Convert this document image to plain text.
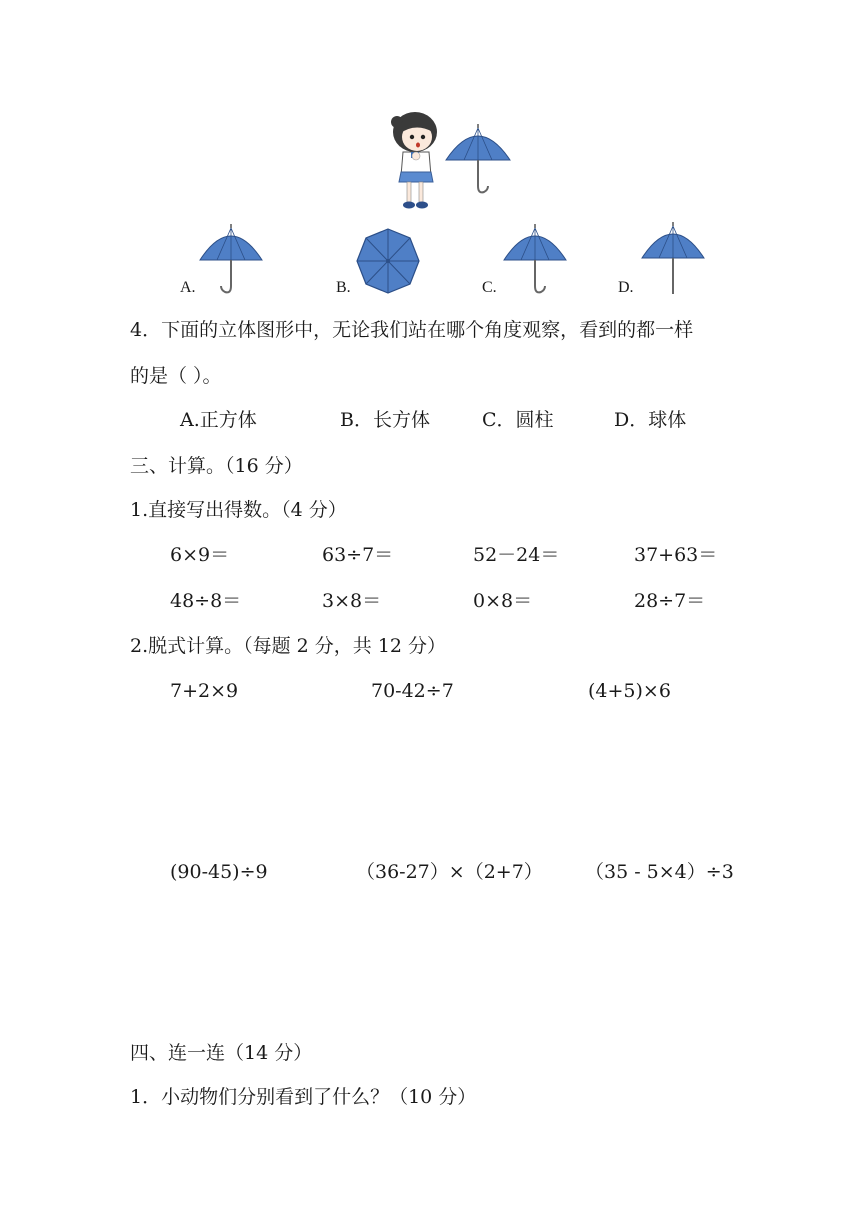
A.	B.	C.	D.
4．下面的立体图形中，无论我们站在哪个角度观察，看到的都一样
的是（ ）。
A.正方体	B．长方体	C．圆柱	D．球体
三、计算。（16 分）
1.直接写出得数。（4 分）
6×9＝	63÷7＝	52－24＝	37+63＝
48÷8＝	3×8＝	0×8＝	28÷7＝
2.脱式计算。（每题 2 分，共 12 分）
7+2×9	70-42÷7	(4+5)×6
(90-45)÷9	（36-27）×（2+7） （35 - 5×4）÷3
四、连一连（14 分）
1．小动物们分别看到了什么？（10 分）
